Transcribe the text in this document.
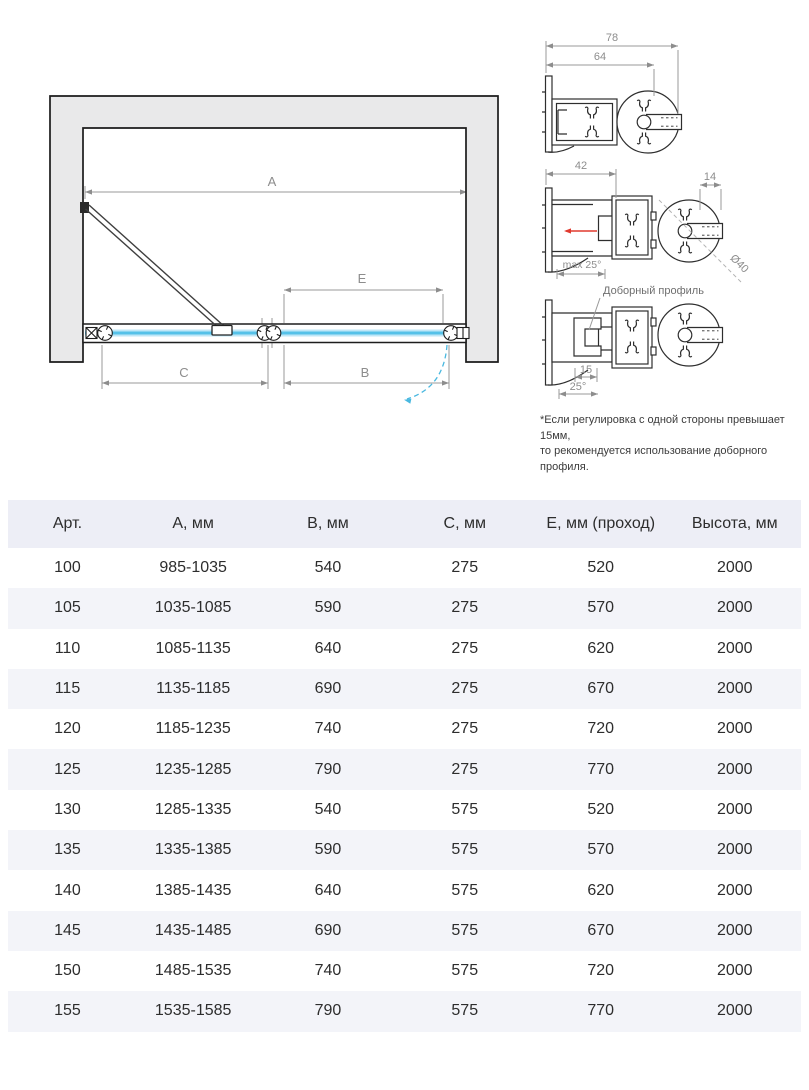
A
E
C	B
78
64
42
14
max 25°	Ø40
Доборный профиль
15
25°
*Если регулировка с одной стороны превышает 15мм,
то рекомендуется использование доборного профиля.
Арт.	А, мм	В, мм	С, мм	Е, мм (проход)	Высота, мм
100	985-1035	540	275	520	2000
105	1035-1085	590	275	570	2000
110	1085-1135	640	275	620	2000
115	1135-1185	690	275	670	2000
120	1185-1235	740	275	720	2000
125	1235-1285	790	275	770	2000
130	1285-1335	540	575	520	2000
135	1335-1385	590	575	570	2000
140	1385-1435	640	575	620	2000
145	1435-1485	690	575	670	2000
150	1485-1535	740	575	720	2000
155	1535-1585	790	575	770	2000
